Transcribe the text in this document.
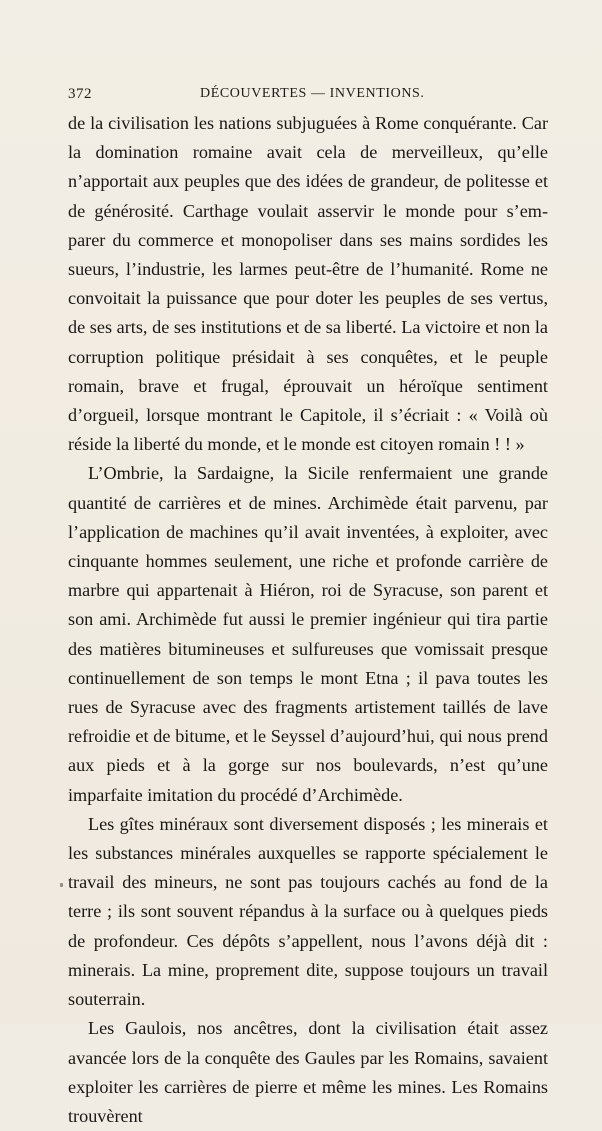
372	DÉCOUVERTES — INVENTIONS.

de la civilisation les nations subjuguées à Rome conquérante. Car la domination romaine avait cela de merveilleux, qu’elle n’apportait aux peuples que des idées de grandeur, de politesse et de générosité. Carthage voulait asservir le monde pour s’em-parer du commerce et monopoliser dans ses mains sordides les sueurs, l’industrie, les larmes peut-être de l’humanité. Rome ne convoitait la puissance que pour doter les peuples de ses vertus, de ses arts, de ses institutions et de sa liberté. La victoire et non la corruption politique présidait à ses conquêtes, et le peuple romain, brave et frugal, éprouvait un héroïque sentiment d’orgueil, lorsque montrant le Capitole, il s’écriait : « Voilà où réside la liberté du monde, et le monde est citoyen romain ! ! »

L’Ombrie, la Sardaigne, la Sicile renfermaient une grande quantité de carrières et de mines. Archimède était parvenu, par l’application de machines qu’il avait inventées, à exploiter, avec cinquante hommes seulement, une riche et profonde carrière de marbre qui appartenait à Hiéron, roi de Syracuse, son parent et son ami. Archimède fut aussi le premier ingénieur qui tira partie des matières bitumineuses et sulfureuses que vomissait presque continuellement de son temps le mont Etna ; il pava toutes les rues de Syracuse avec des fragments artistement taillés de lave refroidie et de bitume, et le Seyssel d’aujourd’hui, qui nous prend aux pieds et à la gorge sur nos boulevards, n’est qu’une imparfaite imitation du procédé d’Archimède.

Les gîtes minéraux sont diversement disposés ; les minerais et les substances minérales auxquelles se rapporte spécialement le travail des mineurs, ne sont pas toujours cachés au fond de la terre ; ils sont souvent répandus à la surface ou à quelques pieds de profondeur. Ces dépôts s’appellent, nous l’avons déjà dit : minerais. La mine, proprement dite, suppose toujours un travail souterrain.

Les Gaulois, nos ancêtres, dont la civilisation était assez avancée lors de la conquête des Gaules par les Romains, savaient exploiter les carrières de pierre et même les mines. Les Romains trouvèrent
